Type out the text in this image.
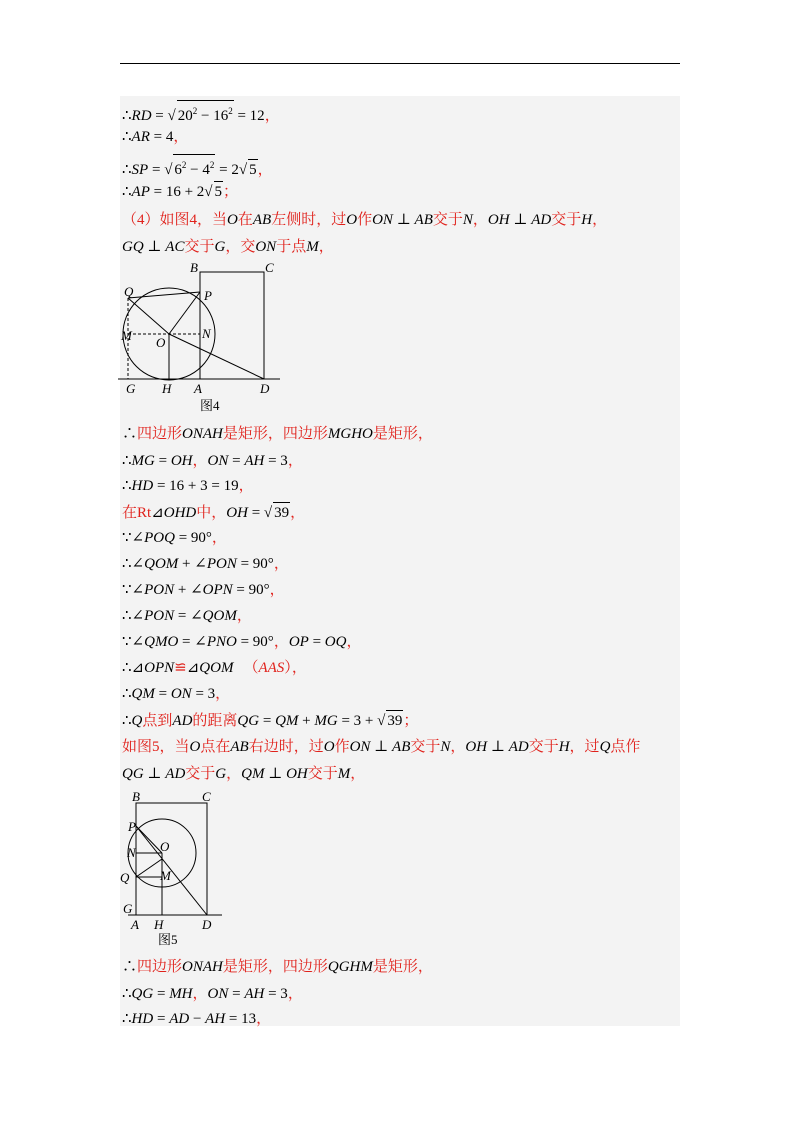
∴RD = √ $20^2 - 16^2 = 12$，
∴AR = 4，
∴SP = √ $6^2 - 4^2 = 2√$ 5，
∴AP = 16 + 2√ 5；
（4）如图4，当O在AB左侧时，过O作ON ⊥ AB交于N，OH ⊥ AD交于H，
GQ ⊥ AC交于G，交ON于点M，
B	C
Q	P
M	N
O
G H A	D
图4
∴四边形ONAH是矩形，四边形MGHO是矩形，
∴MG = OH，ON = AH = 3，
∴HD = 16 + 3 = 19，
在Rt⊿OHD中，OH = √ 39，
∵∠POQ = 90°，
∴∠QOM + ∠PON = 90°，
∵∠PON + ∠OPN = 90°，
∴∠PON = ∠QOM，
∵∠QMO = ∠PNO = 90°，OP = OQ，
∴⊿OPN≌⊿QOM （AAS），
∴QM = ON = 3，
∴Q点到AD的距离QG = QM + MG = 3 + √ 39；
如图5，当O点在AB右边时，过O作ON ⊥ AB交于N，OH ⊥ AD交于H，过Q点作
QG ⊥ AD交于G，QM ⊥ OH交于M，
B	C
P
O
N
Q M
G
A H	D
图5
∴四边形ONAH是矩形，四边形QGHM是矩形，
∴QG = MH，ON = AH = 3，
∴HD = AD − AH = 13，
